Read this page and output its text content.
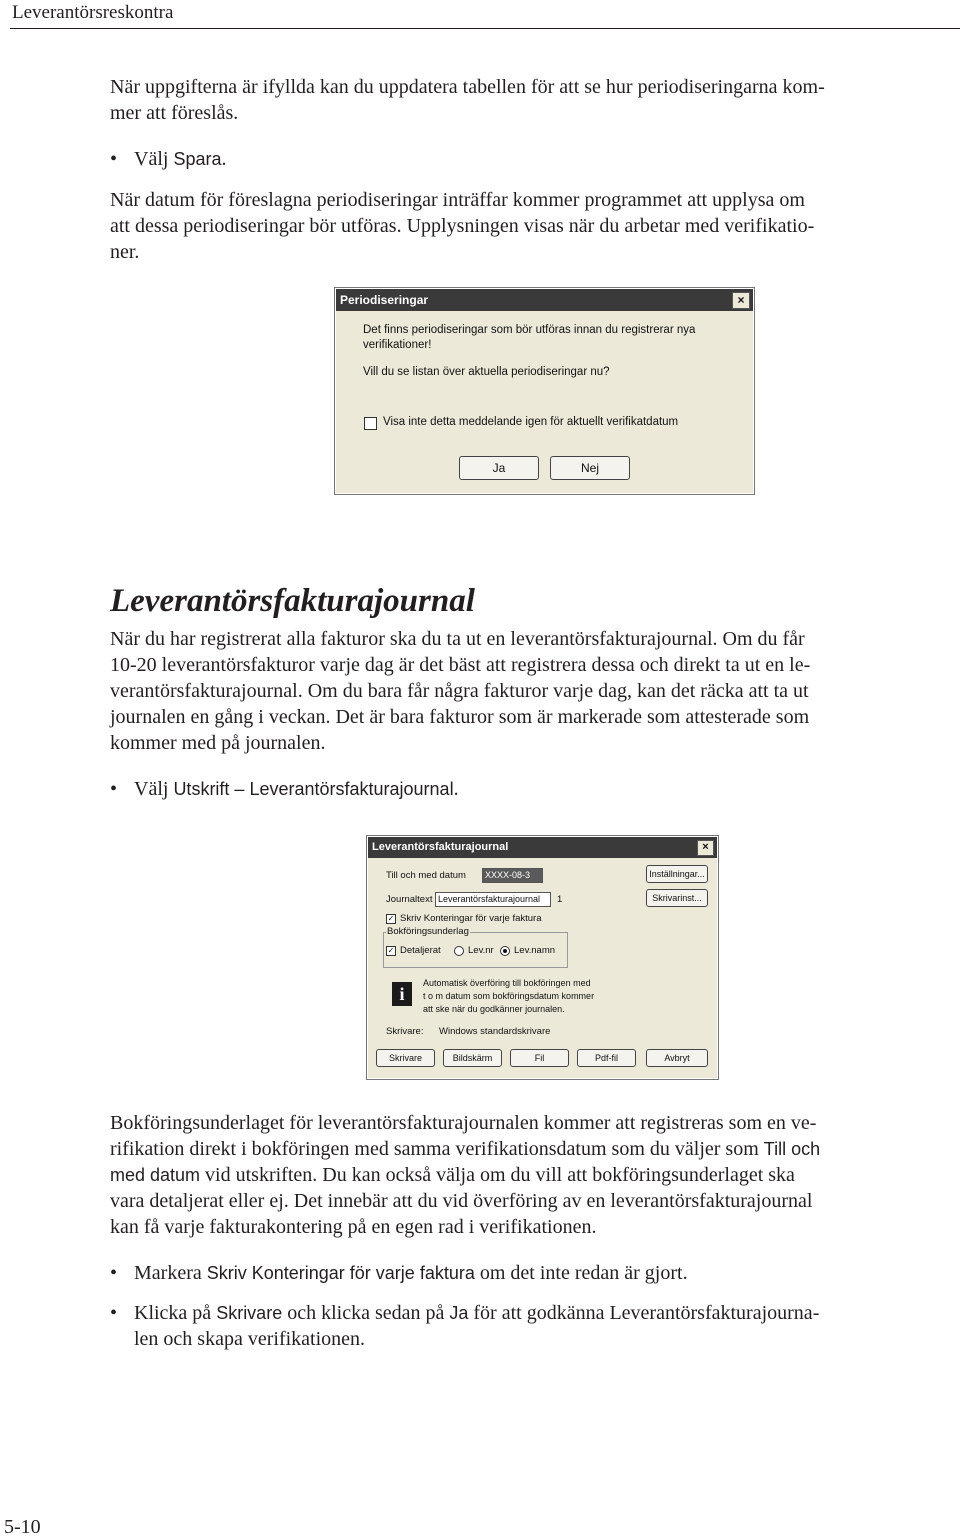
Leverantörsreskontra
När uppgifterna är ifyllda kan du uppdatera tabellen för att se hur periodiseringarna kom-
mer att föreslås.
• Välj Spara.
När datum för föreslagna periodiseringar inträffar kommer programmet att upplysa om
att dessa periodiseringar bör utföras. Upplysningen visas när du arbetar med verifikatio-
ner.
Periodiseringar	×
Det finns periodiseringar som bör utföras innan du registrerar nya
verifikationer!
Vill du se listan över aktuella periodiseringar nu?
Visa inte detta meddelande igen för aktuellt verifikatdatum
Ja	Nej
Leverantörsfakturajournal
När du har registrerat alla fakturor ska du ta ut en leverantörsfakturajournal. Om du får
10-20 leverantörsfakturor varje dag är det bäst att registrera dessa och direkt ta ut en le-
verantörsfakturajournal. Om du bara får några fakturor varje dag, kan det räcka att ta ut
journalen en gång i veckan. Det är bara fakturor som är markerade som attesterade som
kommer med på journalen.
• Välj Utskrift – Leverantörsfakturajournal.
Leverantörsfakturajournal	×
Till och med datum	XXXX-08-3
Journaltext Leverantörsfakturajournal	1
Inställningar...
Skrivarinst...
✓ Skriv Konteringar för varje faktura
Bokföringsunderlag
✓ Detaljerat	Lev.nr Lev.namn
i
Automatisk överföring till bokföringen med
t o m datum som bokföringsdatum kommer
att ske när du godkänner journalen.
Skrivare: Windows standardskrivare
Skrivare	Bildskärm	Fil	Pdf-fil	Avbryt
Bokföringsunderlaget för leverantörsfakturajournalen kommer att registreras som en ve-
rifikation direkt i bokföringen med samma verifikationsdatum som du väljer som Till och
med datum vid utskriften. Du kan också välja om du vill att bokföringsunderlaget ska
vara detaljerat eller ej. Det innebär att du vid överföring av en leverantörsfakturajournal
kan få varje fakturakontering på en egen rad i verifikationen.
• Markera Skriv Konteringar för varje faktura om det inte redan är gjort.
• Klicka på Skrivare och klicka sedan på Ja för att godkänna Leverantörsfakturajourna-
len och skapa verifikationen.
5-10
